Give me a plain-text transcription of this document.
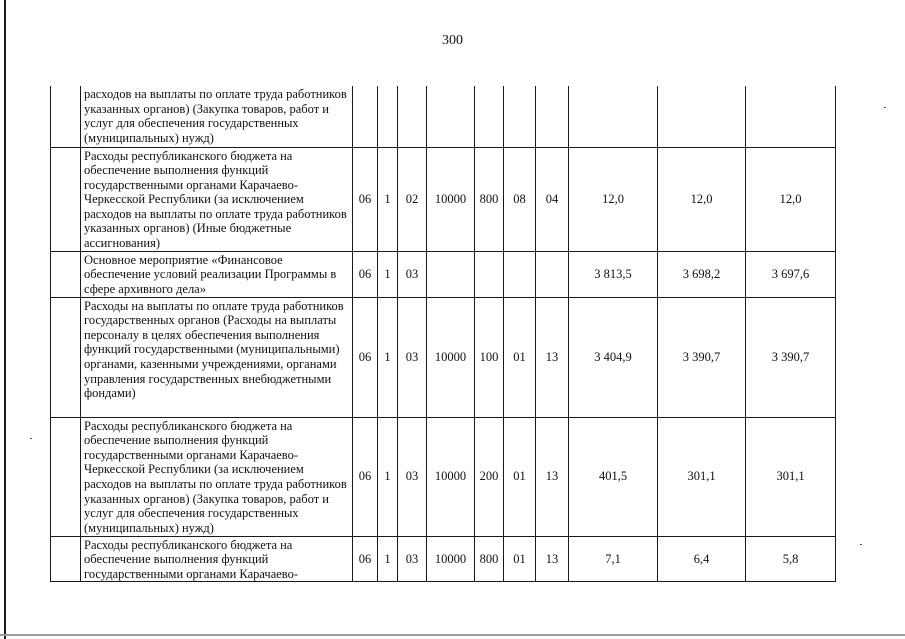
300
	расходов на выплаты по оплате труда работников указанных органов) (Закупка товаров, работ и услуг для обеспечения государственных (муниципальных) нужд)										
	Расходы республиканского бюджета на обеспечение выполнения функций государственными органами Карачаево-Черкесской Республики (за исключением расходов на выплаты по оплате труда работников указанных органов) (Иные бюджетные ассигнования)	06	1	02	10000	800	08	04	12,0	12,0	12,0
	Основное мероприятие «Финансовое обеспечение условий реализации Программы в сфере архивного дела»	06	1	03					3 813,5	3 698,2	3 697,6
	Расходы на выплаты по оплате труда работников государственных органов (Расходы на выплаты персоналу в целях обеспечения выполнения функций государственными (муниципальными) органами, казенными учреждениями, органами управления государственных внебюджетными фондами)	06	1	03	10000	100	01	13	3 404,9	3 390,7	3 390,7
	Расходы республиканского бюджета на обеспечение выполнения функций государственными органами Карачаево-Черкесской Республики (за исключением расходов на выплаты по оплате труда работников указанных органов) (Закупка товаров, работ и услуг для обеспечения государственных (муниципальных) нужд)	06	1	03	10000	200	01	13	401,5	301,1	301,1
	Расходы республиканского бюджета на обеспечение выполнения функций государственными органами Карачаево-	06	1	03	10000	800	01	13	7,1	6,4	5,8
